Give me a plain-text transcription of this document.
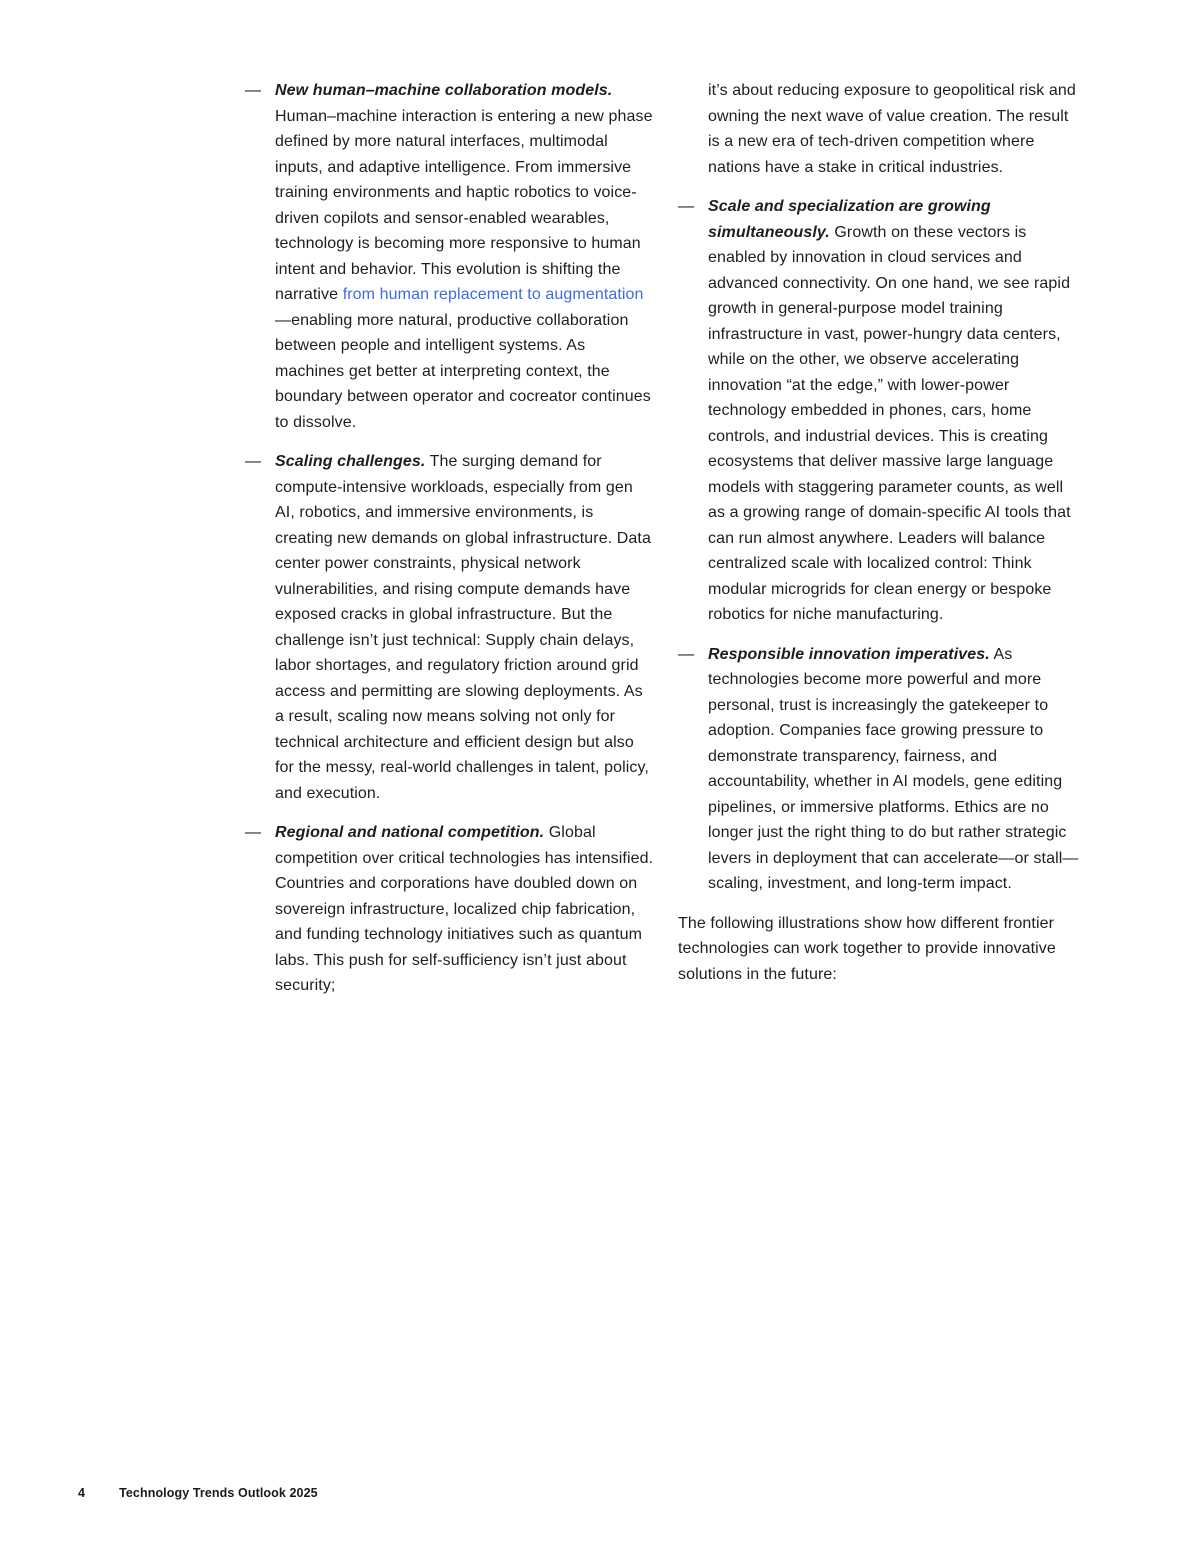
— New human–machine collaboration models. Human–machine interaction is entering a new phase defined by more natural interfaces, multimodal inputs, and adaptive intelligence. From immersive training environments and haptic robotics to voice-driven copilots and sensor-enabled wearables, technology is becoming more responsive to human intent and behavior. This evolution is shifting the narrative from human replacement to augmentation—enabling more natural, productive collaboration between people and intelligent systems. As machines get better at interpreting context, the boundary between operator and cocreator continues to dissolve.
— Scaling challenges. The surging demand for compute-intensive workloads, especially from gen AI, robotics, and immersive environments, is creating new demands on global infrastructure. Data center power constraints, physical network vulnerabilities, and rising compute demands have exposed cracks in global infrastructure. But the challenge isn’t just technical: Supply chain delays, labor shortages, and regulatory friction around grid access and permitting are slowing deployments. As a result, scaling now means solving not only for technical architecture and efficient design but also for the messy, real-world challenges in talent, policy, and execution.
— Regional and national competition. Global competition over critical technologies has intensified. Countries and corporations have doubled down on sovereign infrastructure, localized chip fabrication, and funding technology initiatives such as quantum labs. This push for self-sufficiency isn’t just about security;
it’s about reducing exposure to geopolitical risk and owning the next wave of value creation. The result is a new era of tech-driven competition where nations have a stake in critical industries.
— Scale and specialization are growing simultaneously. Growth on these vectors is enabled by innovation in cloud services and advanced connectivity. On one hand, we see rapid growth in general-purpose model training infrastructure in vast, power-hungry data centers, while on the other, we observe accelerating innovation “at the edge,” with lower-power technology embedded in phones, cars, home controls, and industrial devices. This is creating ecosystems that deliver massive large language models with staggering parameter counts, as well as a growing range of domain-specific AI tools that can run almost anywhere. Leaders will balance centralized scale with localized control: Think modular microgrids for clean energy or bespoke robotics for niche manufacturing.
— Responsible innovation imperatives. As technologies become more powerful and more personal, trust is increasingly the gatekeeper to adoption. Companies face growing pressure to demonstrate transparency, fairness, and accountability, whether in AI models, gene editing pipelines, or immersive platforms. Ethics are no longer just the right thing to do but rather strategic levers in deployment that can accelerate—or stall—scaling, investment, and long-term impact.
The following illustrations show how different frontier technologies can work together to provide innovative solutions in the future:
4	Technology Trends Outlook 2025
